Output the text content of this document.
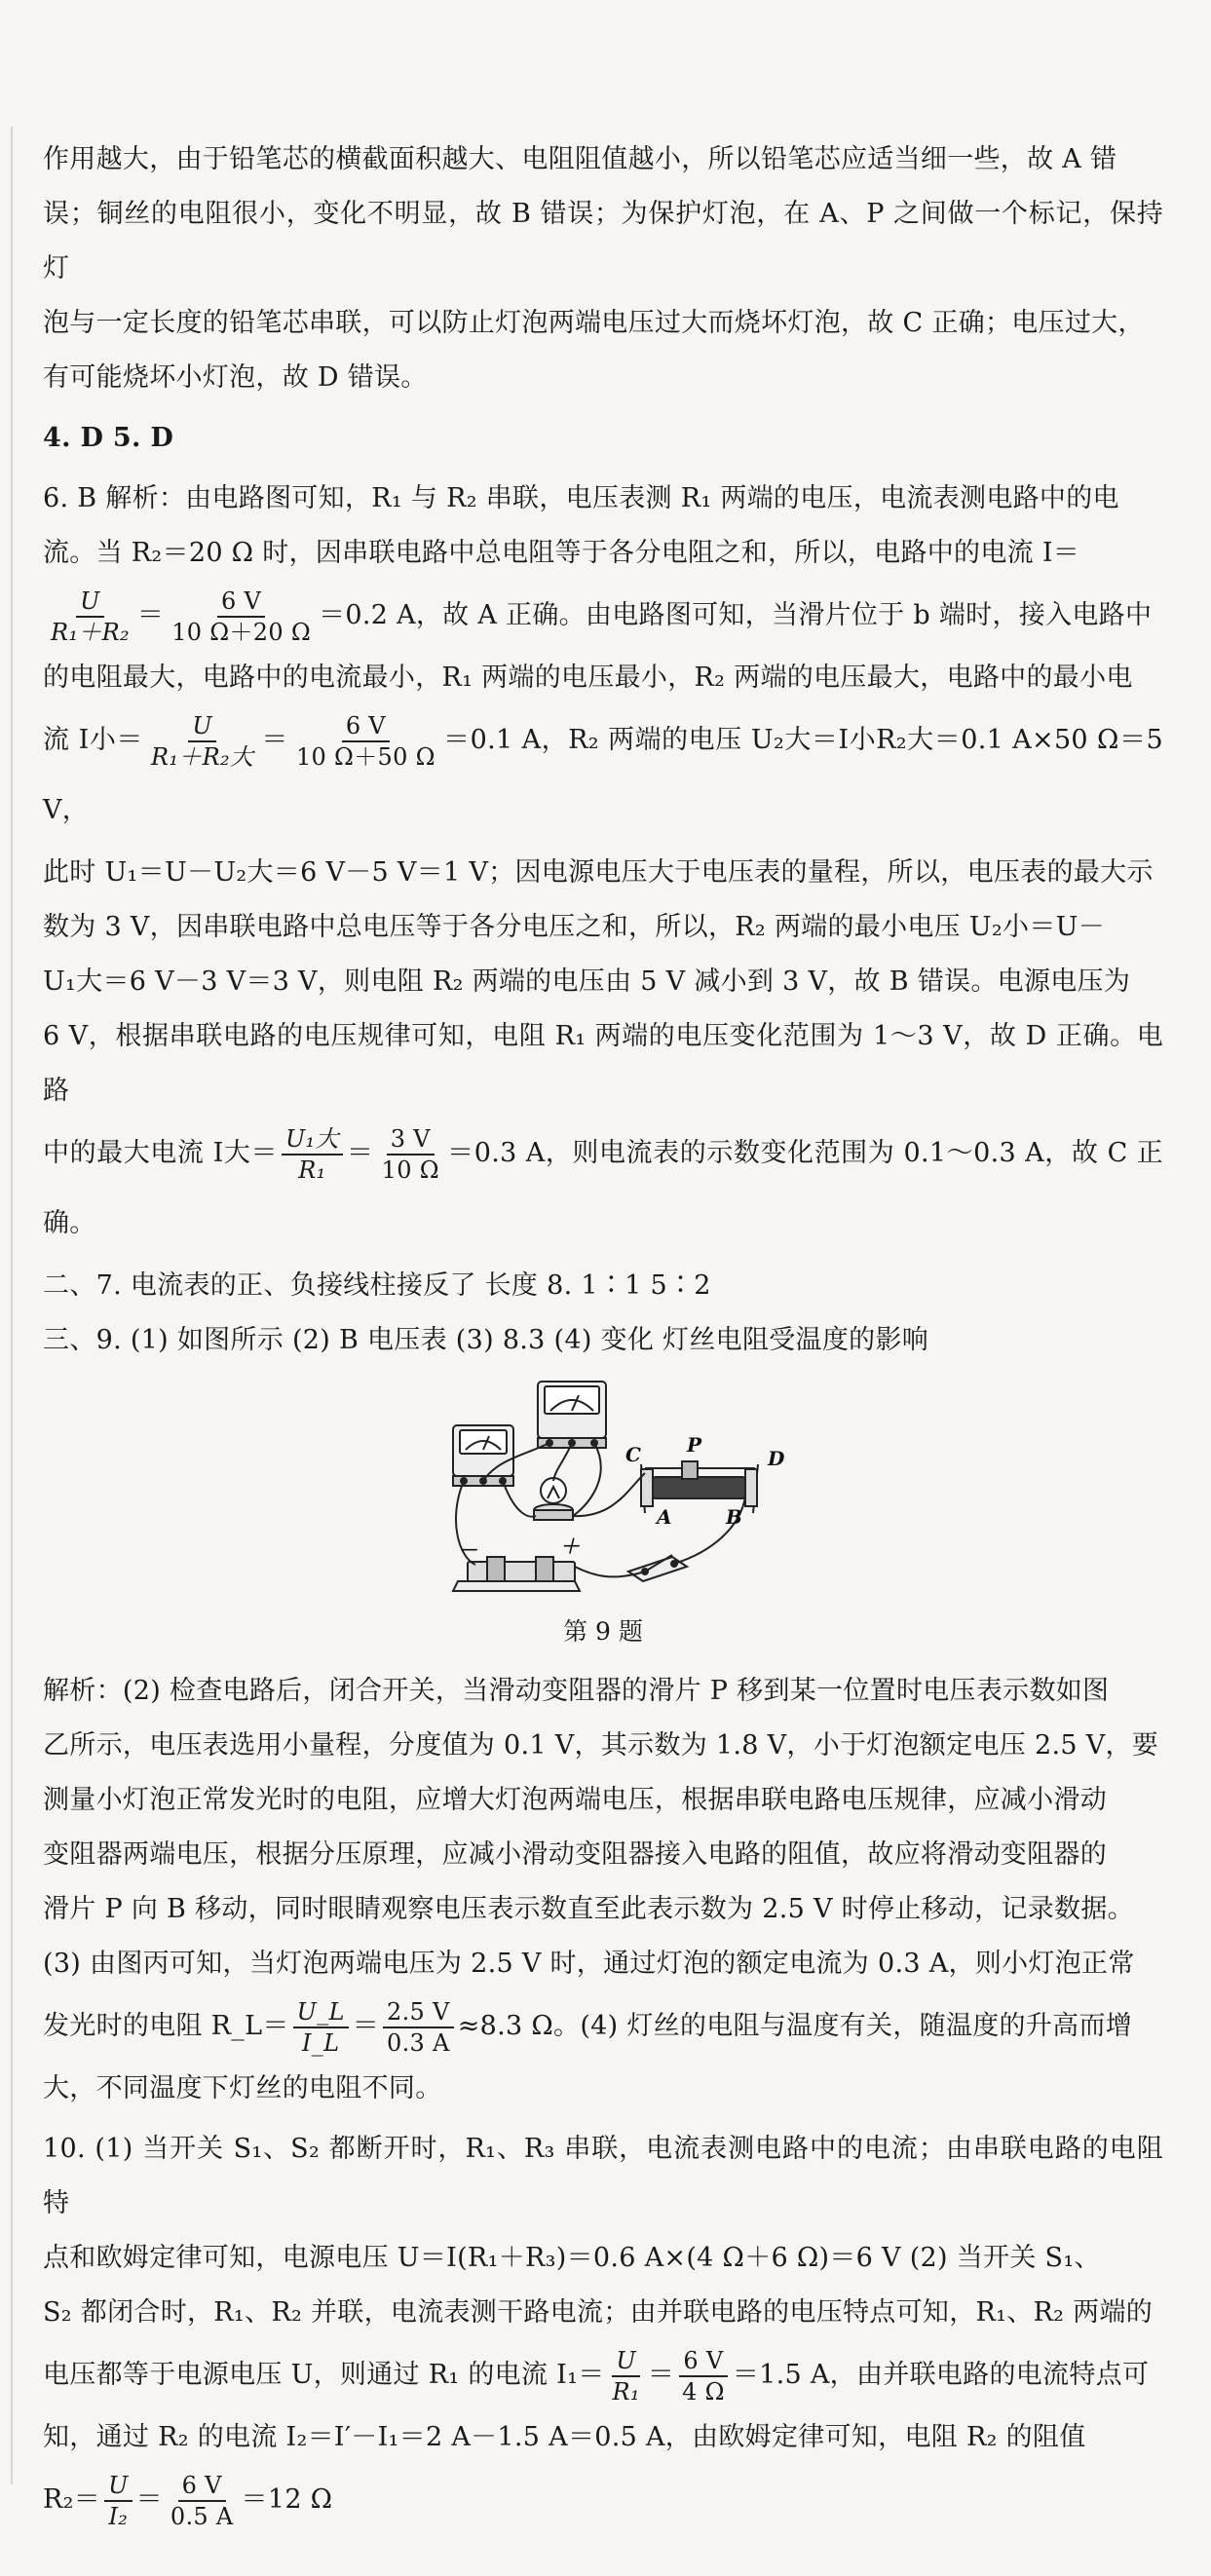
作用越大，由于铅笔芯的横截面积越大、电阻阻值越小，所以铅笔芯应适当细一些，故 A 错

误；铜丝的电阻很小，变化不明显，故 B 错误；为保护灯泡，在 A、P 之间做一个标记，保持灯

泡与一定长度的铅笔芯串联，可以防止灯泡两端电压过大而烧坏灯泡，故 C 正确；电压过大，

有可能烧坏小灯泡，故 D 错误。

4. D 5. D

6. B 解析：由电路图可知，R₁ 与 R₂ 串联，电压表测 R₁ 两端的电压，电流表测电路中的电

流。当 R₂＝20 Ω 时，因串联电路中总电阻等于各分电阻之和，所以，电路中的电流 I＝

$\frac{U}{\text{R₁＋R₂}} = \frac{6 V}{10 \Omega+20 \Omega} =0.2$ A，故 A 正确。由电路图可知，当滑片位于 b 端时，接入电路中

的电阻最大，电路中的电流最小，R₁ 两端的电压最小，R₂ 两端的电压最大，电路中的最小电

流 I小＝ $\frac{U}{\text{R₁＋R₂大}} = \frac{6 V}{10 \Omega+50 \Omega} =0.1$ A，R₂ 两端的电压 U₂大＝I小R₂大＝0.1 A×50 Ω＝5 V，

此时 U₁＝U－U₂大＝6 V－5 V＝1 V；因电源电压大于电压表的量程，所以，电压表的最大示

数为 3 V，因串联电路中总电压等于各分电压之和，所以，R₂ 两端的最小电压 U₂小＝U－

U₁大＝6 V－3 V＝3 V，则电阻 R₂ 两端的电压由 5 V 减小到 3 V，故 B 错误。电源电压为

6 V，根据串联电路的电压规律可知，电阻 R₁ 两端的电压变化范围为 1～3 V，故 D 正确。电路

中的最大电流 I大＝ $\frac{\text{U₁大}}{\text{R₁}} = \frac{3 V}{10 \Omega} =0.3$ A，则电流表的示数变化范围为 0.1～0.3 A，故 C 正确。

二、7. 电流表的正、负接线柱接反了 长度 8. 1∶1 5∶2

三、9. (1) 如图所示 (2) B 电压表 (3) 8.3 (4) 变化 灯丝电阻受温度的影响

C P
D
A	B
－	＋
第 9 题

解析：(2) 检查电路后，闭合开关，当滑动变阻器的滑片 P 移到某一位置时电压表示数如图

乙所示，电压表选用小量程，分度值为 0.1 V，其示数为 1.8 V，小于灯泡额定电压 2.5 V，要

测量小灯泡正常发光时的电阻，应增大灯泡两端电压，根据串联电路电压规律，应减小滑动

变阻器两端电压，根据分压原理，应减小滑动变阻器接入电路的阻值，故应将滑动变阻器的

滑片 P 向 B 移动，同时眼睛观察电压表示数直至此表示数为 2.5 V 时停止移动，记录数据。

(3) 由图丙可知，当灯泡两端电压为 2.5 V 时，通过灯泡的额定电流为 0.3 A，则小灯泡正常

发光时的电阻 R_L＝ $\frac{U\_L}{I\_L} = \frac{2.5 V}{0.3 A} \approx 8.3$ Ω。(4) 灯丝的电阻与温度有关，随温度的升高而增

大，不同温度下灯丝的电阻不同。

10. (1) 当开关 S₁、S₂ 都断开时，R₁、R₃ 串联，电流表测电路中的电流；由串联电路的电阻特

点和欧姆定律可知，电源电压 U＝I(R₁＋R₃)＝0.6 A×(4 Ω＋6 Ω)＝6 V (2) 当开关 S₁、

S₂ 都闭合时，R₁、R₂ 并联，电流表测干路电流；由并联电路的电压特点可知，R₁、R₂ 两端的

电压都等于电源电压 U，则通过 R₁ 的电流 $I_1= \frac{U}{\text{R₁}} = \frac{6 V}{4 \Omega} =1.5$ A，由并联电路的电流特点可

知，通过 R₂ 的电流 I₂＝I′－I₁＝2 A－1.5 A＝0.5 A，由欧姆定律可知，电阻 R₂ 的阻值

$R_2= \frac{U}{\text{I₂}} = \frac{6 V}{0.5 A} =12$ Ω
